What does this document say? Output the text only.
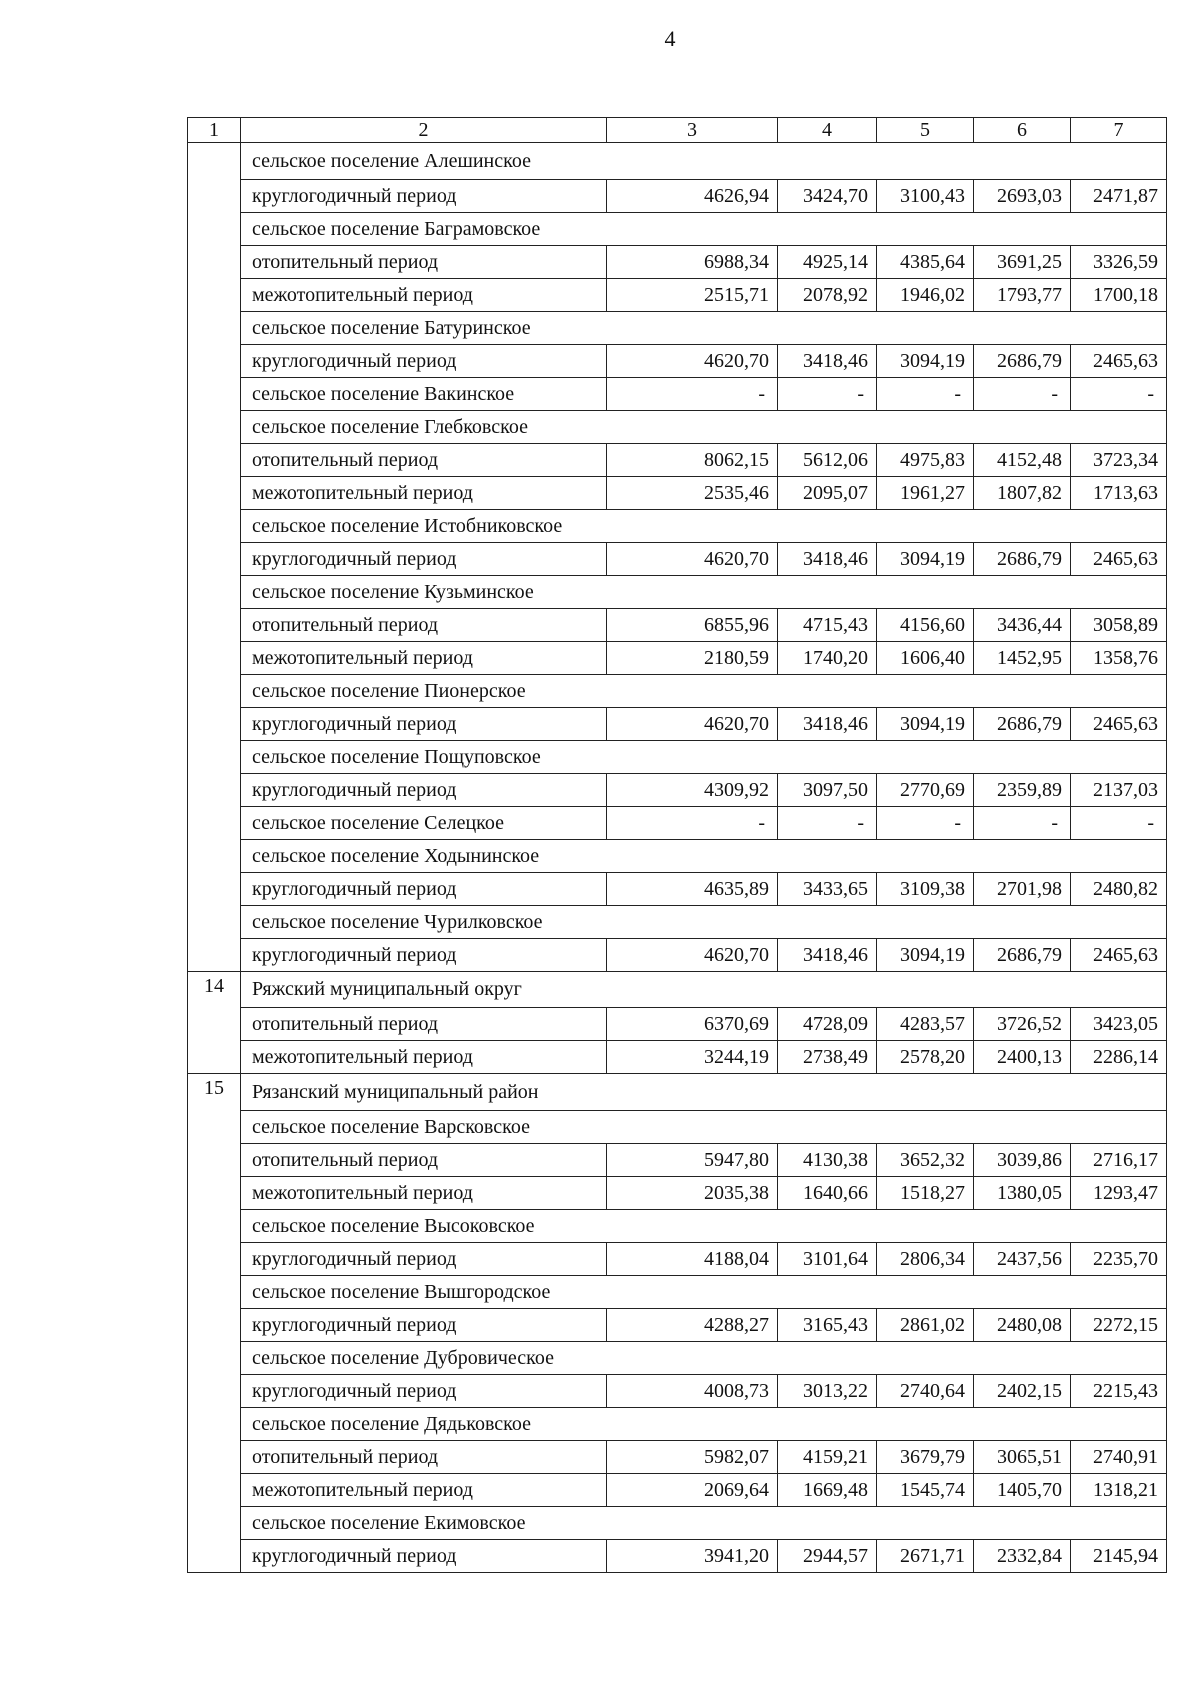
4
1	2	3	4	5	6	7
	сельское поселение Алешинское					
	круглогодичный период	4626,94	3424,70	3100,43	2693,03	2471,87
	сельское поселение Баграмовское					
	отопительный период	6988,34	4925,14	4385,64	3691,25	3326,59
	межотопительный период	2515,71	2078,92	1946,02	1793,77	1700,18
	сельское поселение Батуринское					
	круглогодичный период	4620,70	3418,46	3094,19	2686,79	2465,63
	сельское поселение Вакинское	-	-	-	-	-
	сельское поселение Глебковское					
	отопительный период	8062,15	5612,06	4975,83	4152,48	3723,34
	межотопительный период	2535,46	2095,07	1961,27	1807,82	1713,63
	сельское поселение Истобниковское					
	круглогодичный период	4620,70	3418,46	3094,19	2686,79	2465,63
	сельское поселение Кузьминское					
	отопительный период	6855,96	4715,43	4156,60	3436,44	3058,89
	межотопительный период	2180,59	1740,20	1606,40	1452,95	1358,76
	сельское поселение Пионерское					
	круглогодичный период	4620,70	3418,46	3094,19	2686,79	2465,63
	сельское поселение Пощуповское					
	круглогодичный период	4309,92	3097,50	2770,69	2359,89	2137,03
	сельское поселение Селецкое	-	-	-	-	-
	сельское поселение Ходынинское					
	круглогодичный период	4635,89	3433,65	3109,38	2701,98	2480,82
	сельское поселение Чурилковское					
	круглогодичный период	4620,70	3418,46	3094,19	2686,79	2465,63
14	Ряжский муниципальный округ					
	отопительный период	6370,69	4728,09	4283,57	3726,52	3423,05
	межотопительный период	3244,19	2738,49	2578,20	2400,13	2286,14
15	Рязанский муниципальный район					
	сельское поселение Варсковское					
	отопительный период	5947,80	4130,38	3652,32	3039,86	2716,17
	межотопительный период	2035,38	1640,66	1518,27	1380,05	1293,47
	сельское поселение Высоковское					
	круглогодичный период	4188,04	3101,64	2806,34	2437,56	2235,70
	сельское поселение Вышгородское					
	круглогодичный период	4288,27	3165,43	2861,02	2480,08	2272,15
	сельское поселение Дубровическое					
	круглогодичный период	4008,73	3013,22	2740,64	2402,15	2215,43
	сельское поселение Дядьковское					
	отопительный период	5982,07	4159,21	3679,79	3065,51	2740,91
	межотопительный период	2069,64	1669,48	1545,74	1405,70	1318,21
	сельское поселение Екимовское					
	круглогодичный период	3941,20	2944,57	2671,71	2332,84	2145,94
